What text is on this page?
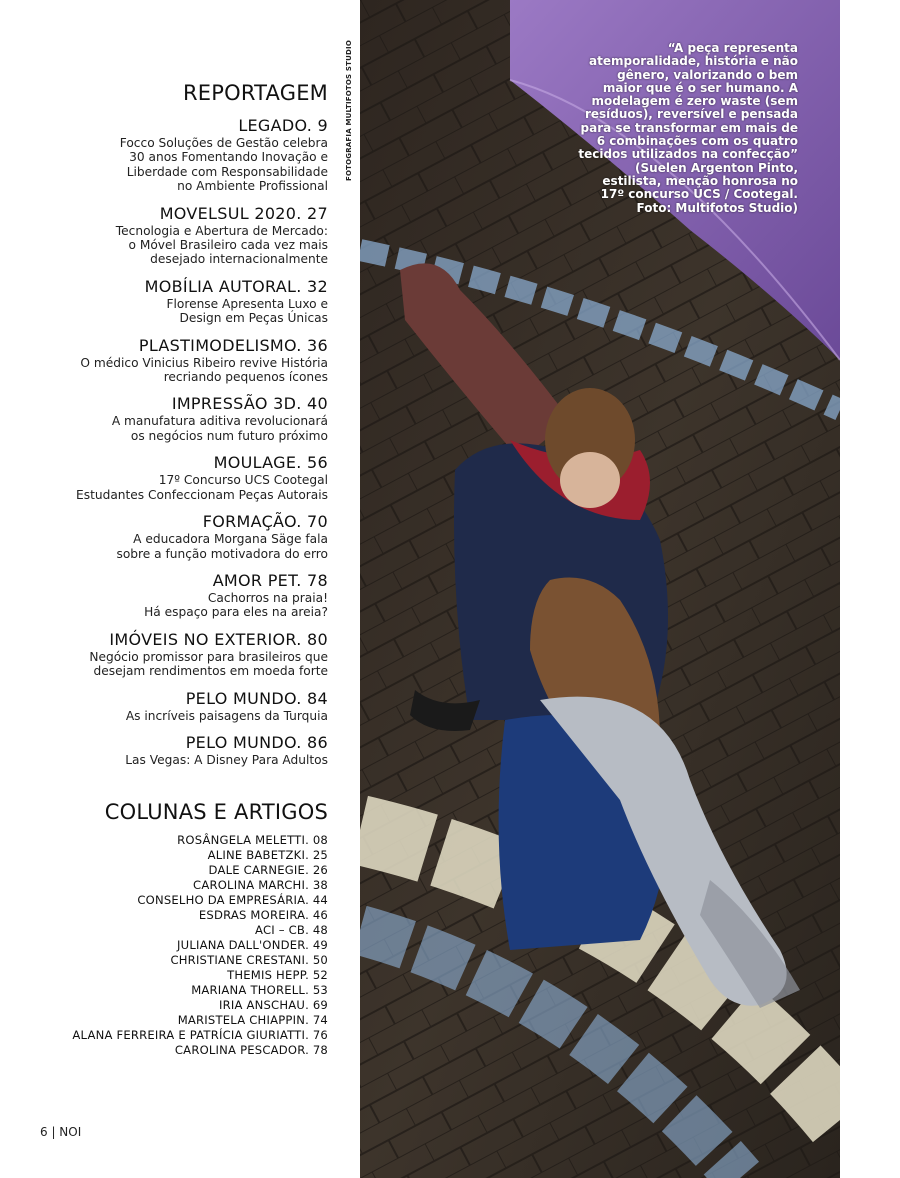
REPORTAGEM
LEGADO. 9
Focco Soluções de Gestão celebra
30 anos Fomentando Inovação e
Liberdade com Responsabilidade
no Ambiente Profissional
MOVELSUL 2020. 27
Tecnologia e Abertura de Mercado:
o Móvel Brasileiro cada vez mais
desejado internacionalmente
MOBÍLIA AUTORAL. 32
Florense Apresenta Luxo e
Design em Peças Únicas
PLASTIMODELISMO. 36
O médico Vinicius Ribeiro revive História
recriando pequenos ícones
IMPRESSÃO 3D. 40
A manufatura aditiva revolucionará
os negócios num futuro próximo
MOULAGE. 56
17º Concurso UCS Cootegal
Estudantes Confeccionam Peças Autorais
FORMAÇÃO. 70
A educadora Morgana Säge fala
sobre a função motivadora do erro
AMOR PET. 78
Cachorros na praia!
Há espaço para eles na areia?
IMÓVEIS NO EXTERIOR. 80
Negócio promissor para brasileiros que
desejam rendimentos em moeda forte
PELO MUNDO. 84
As incríveis paisagens da Turquia
PELO MUNDO. 86
Las Vegas: A Disney Para Adultos
COLUNAS E ARTIGOS
ROSÂNGELA MELETTI. 08
ALINE BABETZKI. 25
DALE CARNEGIE. 26
CAROLINA MARCHI. 38
CONSELHO DA EMPRESÁRIA. 44
ESDRAS MOREIRA. 46
ACI – CB. 48
JULIANA DALL'ONDER. 49
CHRISTIANE CRESTANI. 50
THEMIS HEPP. 52
MARIANA THORELL. 53
IRIA ANSCHAU. 69
MARISTELA CHIAPPIN. 74
ALANA FERREIRA E PATRÍCIA GIURIATTI. 76
CAROLINA PESCADOR. 78
6 | NOI
FOTOGRAFIA MULTIFOTOS STUDIO	“A peça representa
atemporalidade, história e não
gênero, valorizando o bem
maior que é o ser humano. A
modelagem é zero waste (sem
resíduos), reversível e pensada
para se transformar em mais de
6 combinações com os quatro
tecidos utilizados na confecção”
(Suelen Argenton Pinto,
estilista, menção honrosa no
17º concurso UCS / Cootegal.
Foto: Multifotos Studio)
